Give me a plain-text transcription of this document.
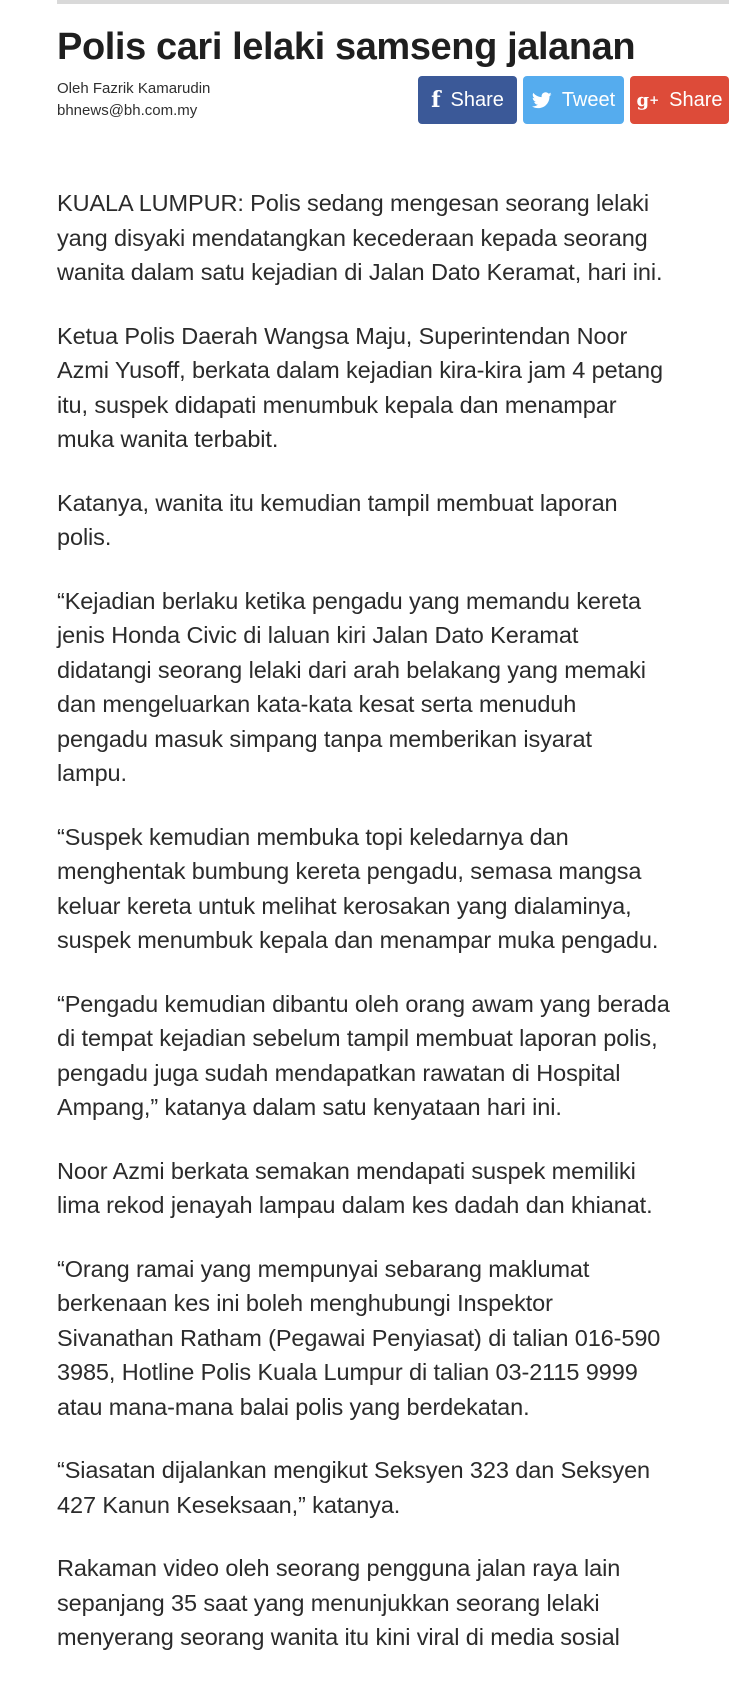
Polis cari lelaki samseng jalanan
Oleh Fazrik Kamarudin
bhnews@bh.com.my	f Share	Tweet g + Share

KUALA LUMPUR: Polis sedang mengesan seorang lelaki
yang disyaki mendatangkan kecederaan kepada seorang
wanita dalam satu kejadian di Jalan Dato Keramat, hari ini.

Ketua Polis Daerah Wangsa Maju, Superintendan Noor
Azmi Yusoff, berkata dalam kejadian kira-kira jam 4 petang
itu, suspek didapati menumbuk kepala dan menampar
muka wanita terbabit.

Katanya, wanita itu kemudian tampil membuat laporan
polis.

“Kejadian berlaku ketika pengadu yang memandu kereta
jenis Honda Civic di laluan kiri Jalan Dato Keramat
didatangi seorang lelaki dari arah belakang yang memaki
dan mengeluarkan kata-kata kesat serta menuduh
pengadu masuk simpang tanpa memberikan isyarat
lampu.

“Suspek kemudian membuka topi keledarnya dan
menghentak bumbung kereta pengadu, semasa mangsa
keluar kereta untuk melihat kerosakan yang dialaminya,
suspek menumbuk kepala dan menampar muka pengadu.

“Pengadu kemudian dibantu oleh orang awam yang berada
di tempat kejadian sebelum tampil membuat laporan polis,
pengadu juga sudah mendapatkan rawatan di Hospital
Ampang,” katanya dalam satu kenyataan hari ini.

Noor Azmi berkata semakan mendapati suspek memiliki
lima rekod jenayah lampau dalam kes dadah dan khianat.

“Orang ramai yang mempunyai sebarang maklumat
berkenaan kes ini boleh menghubungi Inspektor
Sivanathan Ratham (Pegawai Penyiasat) di talian 016-590
3985, Hotline Polis Kuala Lumpur di talian 03-2115 9999
atau mana-mana balai polis yang berdekatan.

“Siasatan dijalankan mengikut Seksyen 323 dan Seksyen
427 Kanun Keseksaan,” katanya.

Rakaman video oleh seorang pengguna jalan raya lain
sepanjang 35 saat yang menunjukkan seorang lelaki
menyerang seorang wanita itu kini viral di media sosial
